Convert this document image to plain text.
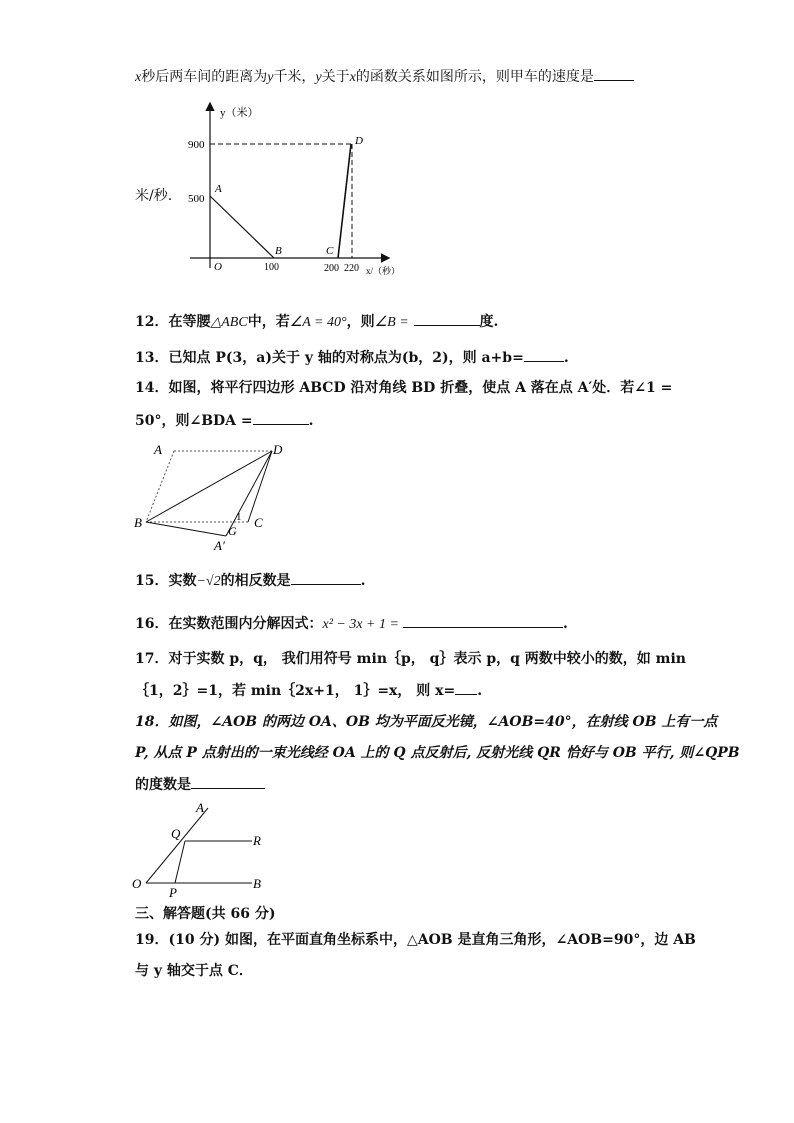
x秒后两车间的距离为y千米，y关于x的函数关系如图所示，则甲车的速度是
米/秒.
y（米）
x/（秒）
900
500
A
B	C
D
O	100	200 220
12．在等腰△ABC中，若∠A = 40°，则∠B =	度.
13．已知点 P(3，a)关于 y 轴的对称点为(b，2)，则 a+b=	.
14．如图，将平行四边形 ABCD 沿对角线 BD 折叠，使点 A 落在点 A′处．若∠1 =
50°，则∠BDA =	.
A	D
B
G
C
1
A′
15．实数−√2的相反数是	.
16．在实数范围内分解因式：x² − 3x + 1 =	.
17．对于实数 p，q， 我们用符号 min｛p， q｝表示 p，q 两数中较小的数，如 min
｛1，2｝=1，若 min｛2x+1， 1｝=x， 则 x= .
18．如图，∠AOB 的两边 OA、OB 均为平面反光镜，∠AOB=40°，在射线 OB 上有一点
P, 从点 P 点射出的一束光线经 OA 上的 Q 点反射后, 反射光线 QR 恰好与 OB 平行, 则∠QPB
的度数是
A
Q	R
O
P
B
三、解答题(共 66 分)
19．(10 分) 如图，在平面直角坐标系中，△AOB 是直角三角形，∠AOB=90°，边 AB
与 y 轴交于点 C．
